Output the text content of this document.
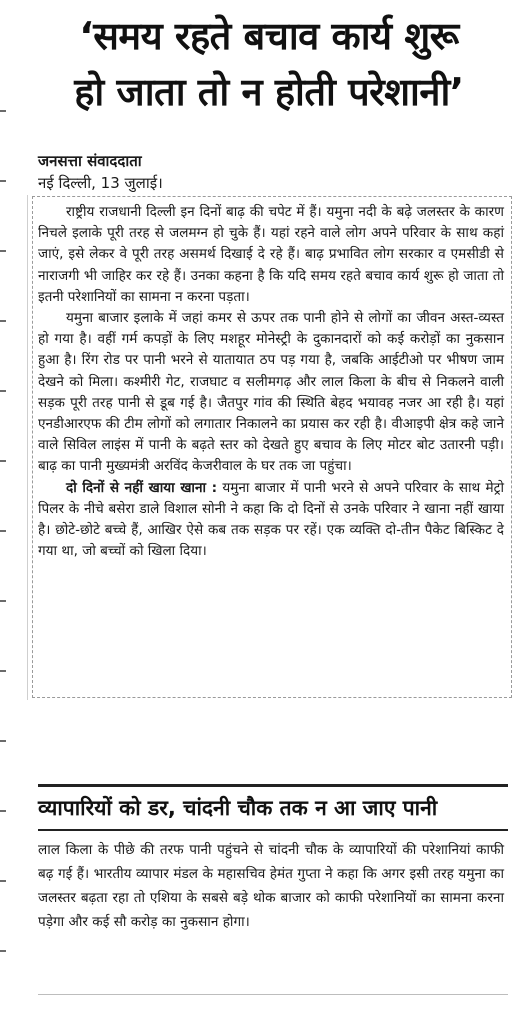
‘समय रहते बचाव कार्य शुरू
हो जाता तो न होती परेशानी’
जनसत्ता संवाददाता
नई दिल्ली, 13 जुलाई।

राष्ट्रीय राजधानी दिल्ली इन दिनों बाढ़ की चपेट में हैं। यमुना नदी के बढ़े जलस्तर के कारण निचले इलाके पूरी तरह से जलमग्न हो चुके हैं। यहां रहने वाले लोग अपने परिवार के साथ कहां जाएं, इसे लेकर वे पूरी तरह असमर्थ दिखाई दे रहे हैं। बाढ़ प्रभावित लोग सरकार व एमसीडी से नाराजगी भी जाहिर कर रहे हैं। उनका कहना है कि यदि समय रहते बचाव कार्य शुरू हो जाता तो इतनी परेशानियों का सामना न करना पड़ता।

यमुना बाजार इलाके में जहां कमर से ऊपर तक पानी होने से लोगों का जीवन अस्त-व्यस्त हो गया है। वहीं गर्म कपड़ों के लिए मशहूर मोनेस्ट्री के दुकानदारों को कई करोड़ों का नुकसान हुआ है। रिंग रोड पर पानी भरने से यातायात ठप पड़ गया है, जबकि आईटीओ पर भीषण जाम देखने को मिला। कश्मीरी गेट, राजघाट व सलीमगढ़ और लाल किला के बीच से निकलने वाली सड़क पूरी तरह पानी से डूब गई है। जैतपुर गांव की स्थिति बेहद भयावह नजर आ रही है। यहां एनडीआरएफ की टीम लोगों को लगातार निकालने का प्रयास कर रही है। वीआइपी क्षेत्र कहे जाने वाले सिविल लाइंस में पानी के बढ़ते स्तर को देखते हुए बचाव के लिए मोटर बोट उतारनी पड़ी। बाढ़ का पानी मुख्यमंत्री अरविंद केजरीवाल के घर तक जा पहुंचा।

दो दिनों से नहीं खाया खाना : यमुना बाजार में पानी भरने से अपने परिवार के साथ मेट्रो पिलर के नीचे बसेरा डाले विशाल सोनी ने कहा कि दो दिनों से उनके परिवार ने खाना नहीं खाया है। छोटे-छोटे बच्चे हैं, आखिर ऐसे कब तक सड़क पर रहें। एक व्यक्ति दो-तीन पैकेट बिस्किट दे गया था, जो बच्चों को खिला दिया।

व्यापारियों को डर, चांदनी चौक तक न आ जाए पानी

लाल किला के पीछे की तरफ पानी पहुंचने से चांदनी चौक के व्यापारियों की परेशानियां काफी बढ़ गई हैं। भारतीय व्यापार मंडल के महासचिव हेमंत गुप्ता ने कहा कि अगर इसी तरह यमुना का जलस्तर बढ़ता रहा तो एशिया के सबसे बड़े थोक बाजार को काफी परेशानियों का सामना करना पड़ेगा और कई सौ करोड़ का नुकसान होगा।
